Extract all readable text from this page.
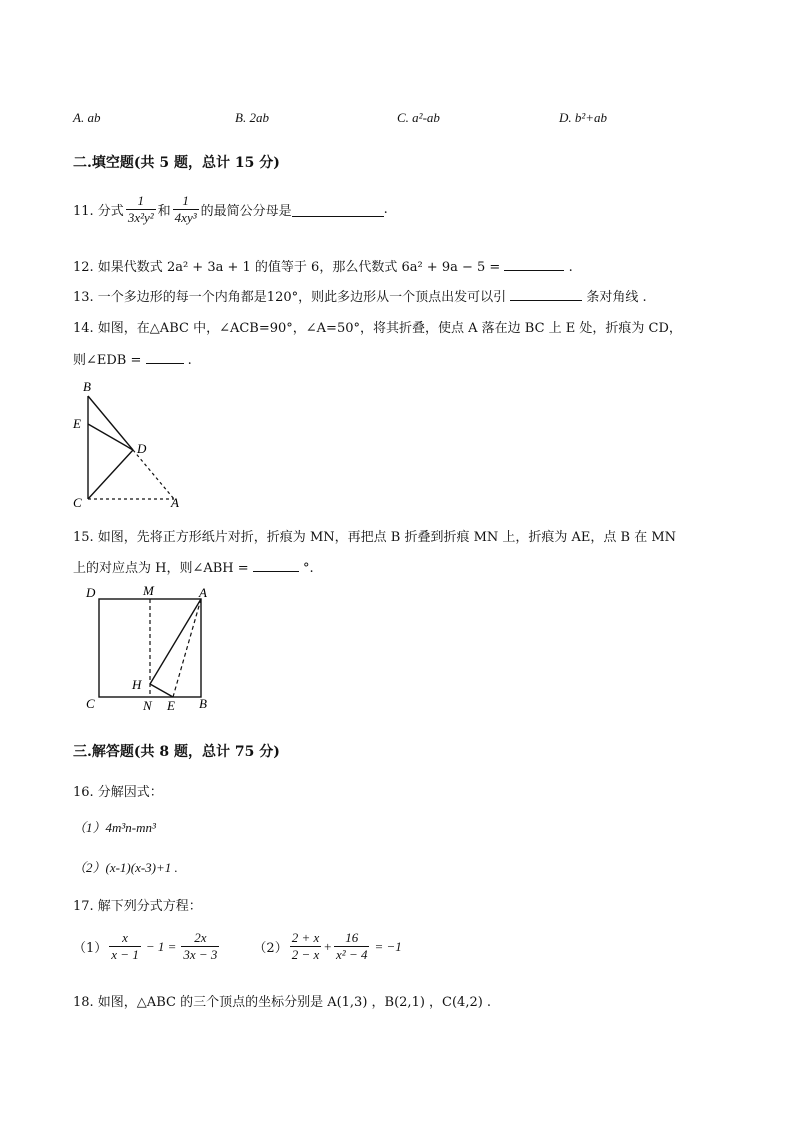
A. ab	B. 2ab	C. a²-ab	D. b²+ab
二.填空题(共 5 题，总计 15 分)
11. 分式 $\frac{1}{\text{3x²y²}}$ 和 $\frac{1}{\text{4xy³}}$ 的最简公分母是	.
12. 如果代数式 2a² + 3a + 1 的值等于 6，那么代数式 6a² + 9a − 5 =	.
13. 一个多边形的每一个内角都是120°，则此多边形从一个顶点出发可以引	条对角线 .
14. 如图，在△ABC 中，∠ACB=90°，∠A=50°，将其折叠，使点 A 落在边 BC 上 E 处，折痕为 CD，
则∠EDB =	.
B
E
D
C	A
15. 如图，先将正方形纸片对折，折痕为 MN，再把点 B 折叠到折痕 MN 上，折痕为 AE，点 B 在 MN
上的对应点为 H，则∠ABH =	°.
D	M	A
H
C	N E B
三.解答题(共 8 题，总计 75 分)
16. 分解因式：
（1）4m³n-mn³
（2）(x-1)(x-3)+1 .
17. 解下列分式方程：
$(1) \frac{x}{x - 1} - 1 = \frac{2x}{3x - 3}$	$(2) \frac{2 + x}{2 - x} + \frac{16}{\text{x² − 4}} = -1$
18. 如图，△ABC 的三个顶点的坐标分别是 A(1,3) ，B(2,1) ，C(4,2) .
